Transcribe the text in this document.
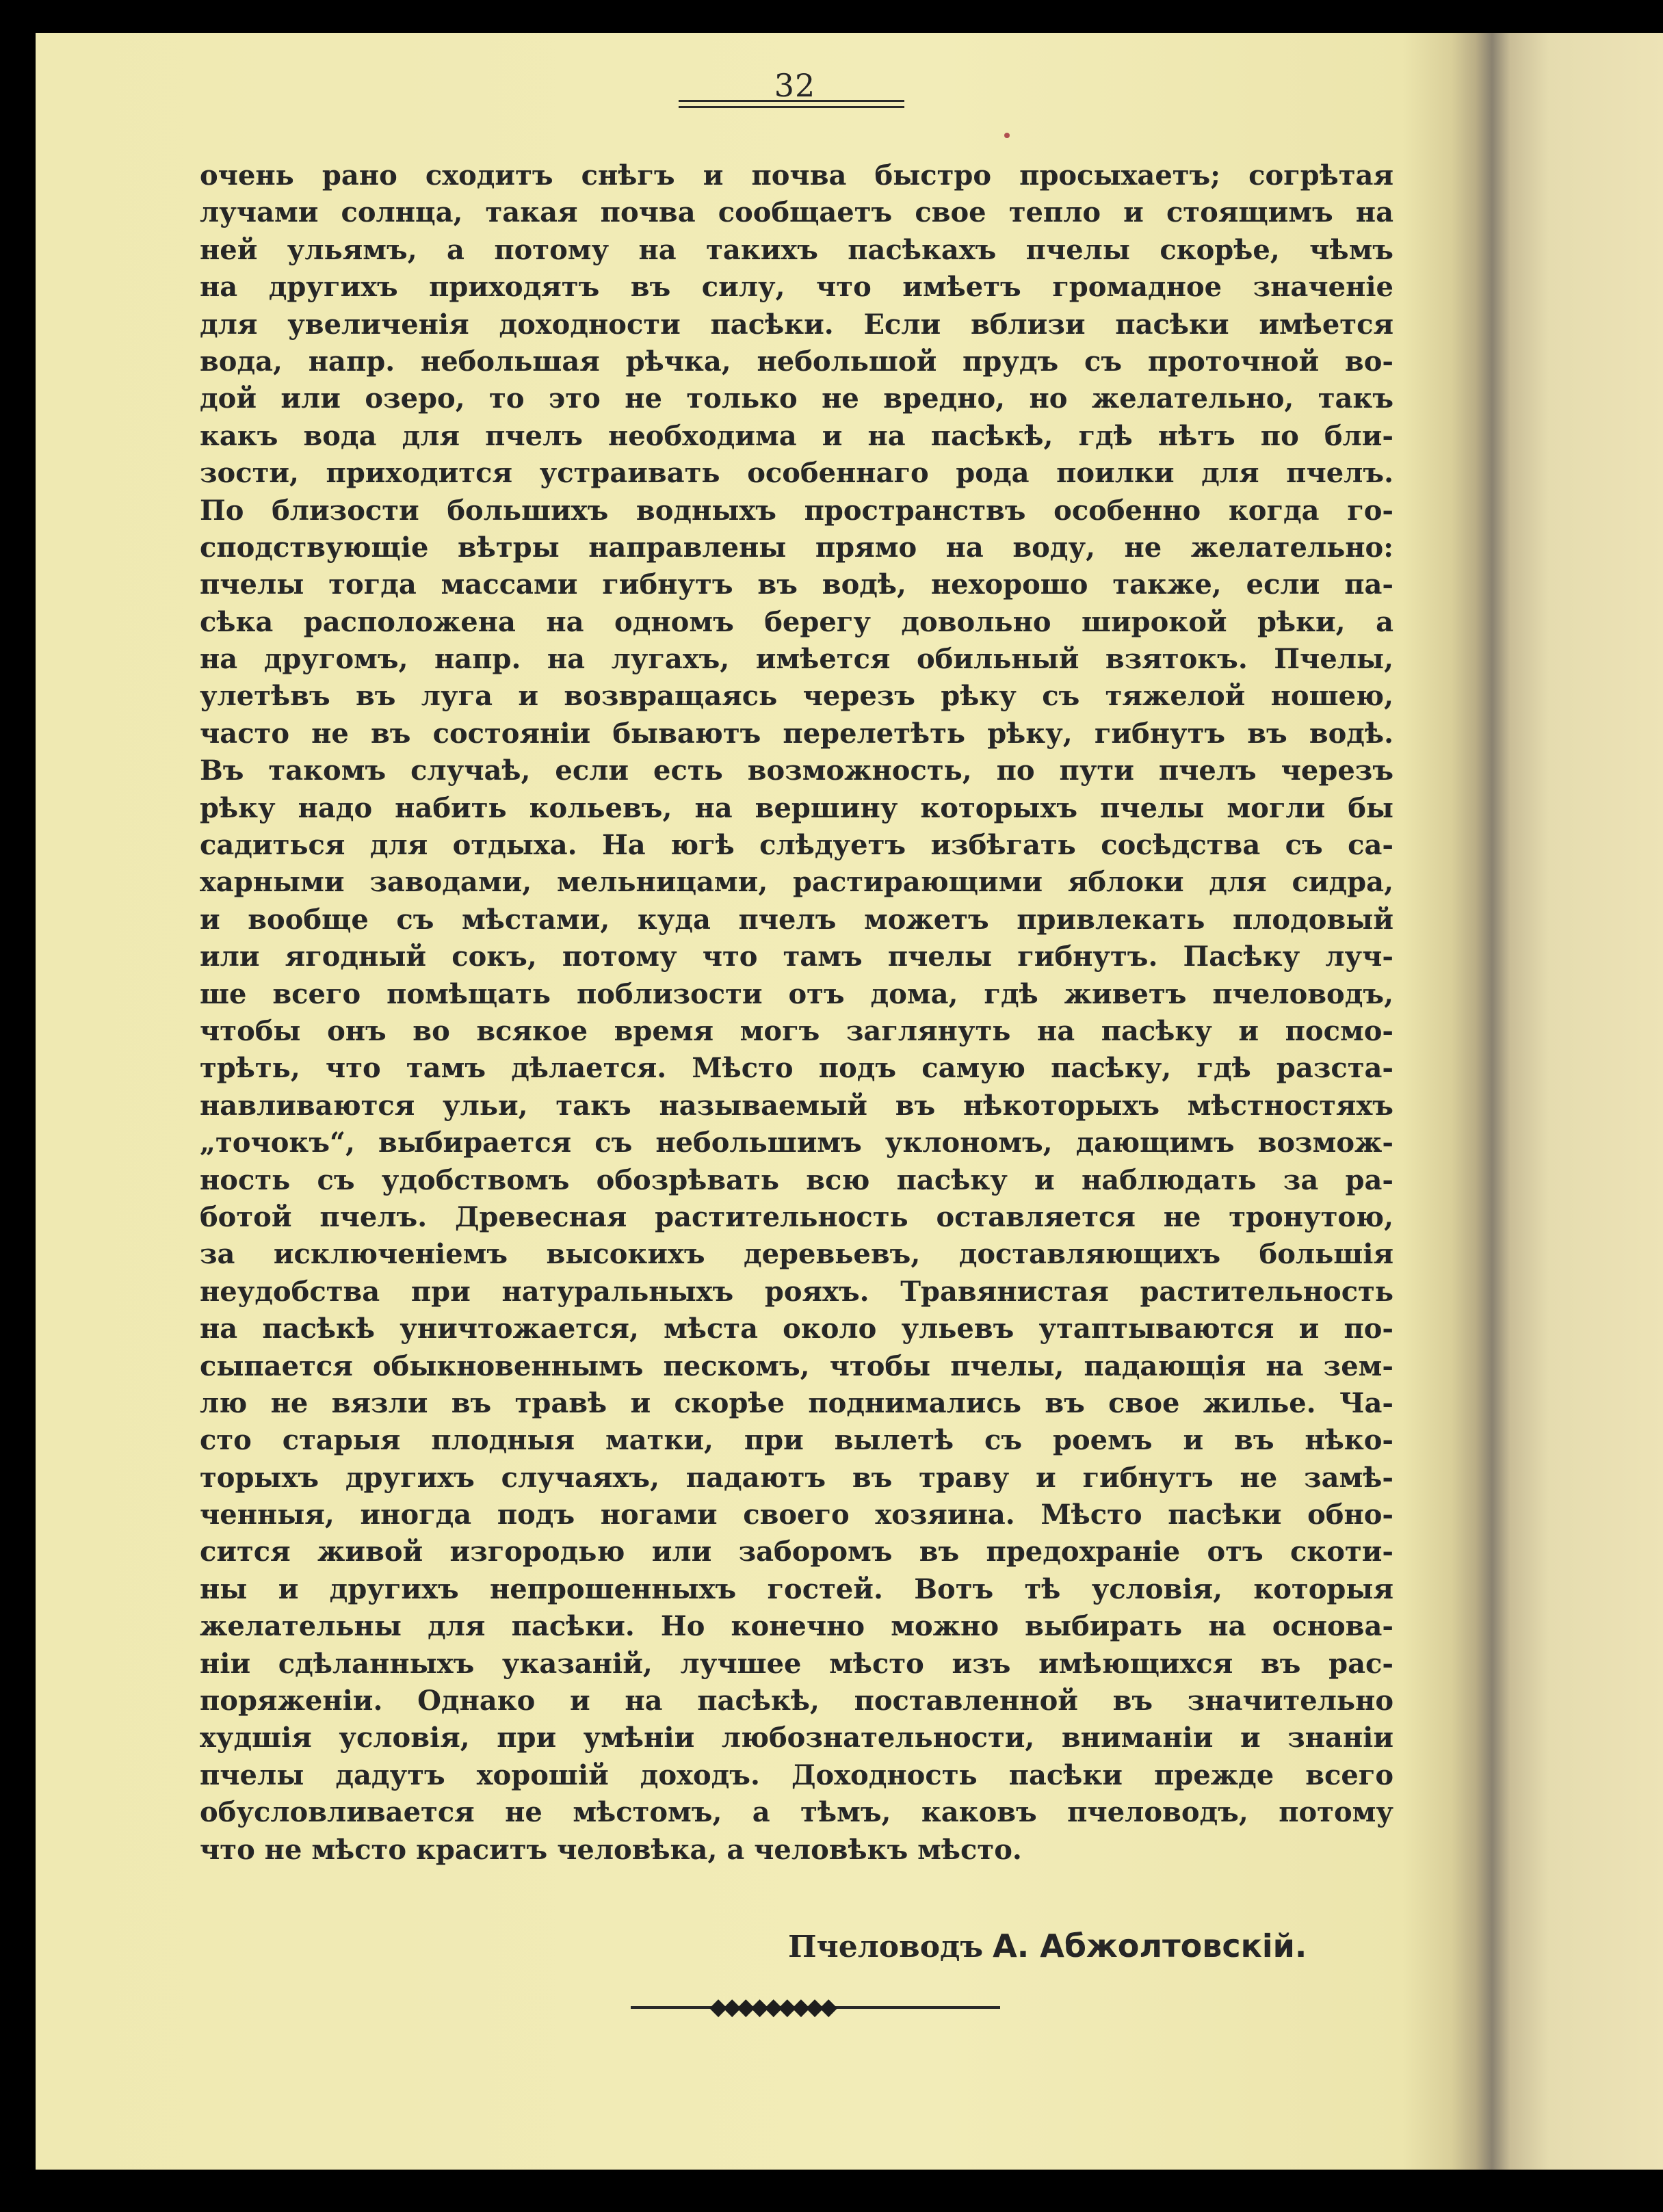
32
очень рано сходитъ снѣгъ и почва быстро просыхаетъ; согрѣтая
лучами солнца, такая почва сообщаетъ свое тепло и стоящимъ на
ней ульямъ, а потому на такихъ пасѣкахъ пчелы скорѣе, чѣмъ
на другихъ приходятъ въ силу, что имѣетъ громадное значеніе
для увеличенія доходности пасѣки. Если вблизи пасѣки имѣется
вода, напр. небольшая рѣчка, небольшой прудъ съ проточной во-
дой или озеро, то это не только не вредно, но желательно, такъ
какъ вода для пчелъ необходима и на пасѣкѣ, гдѣ нѣтъ по бли-
зости, приходится устраивать особеннаго рода поилки для пчелъ.
По близости большихъ водныхъ пространствъ особенно когда го-
сподствующіе вѣтры направлены прямо на воду, не желательно:
пчелы тогда массами гибнутъ въ водѣ, нехорошо также, если па-
сѣка расположена на одномъ берегу довольно широкой рѣки, а
на другомъ, напр. на лугахъ, имѣется обильный взятокъ. Пчелы,
улетѣвъ въ луга и возвращаясь черезъ рѣку съ тяжелой ношею,
часто не въ состояніи бываютъ перелетѣть рѣку, гибнутъ въ водѣ.
Въ такомъ случаѣ, если есть возможность, по пути пчелъ черезъ
рѣку надо набить кольевъ, на вершину которыхъ пчелы могли бы
садиться для отдыха. На югѣ слѣдуетъ избѣгать сосѣдства съ са-
харными заводами, мельницами, растирающими яблоки для сидра,
и вообще съ мѣстами, куда пчелъ можетъ привлекать плодовый
или ягодный сокъ, потому что тамъ пчелы гибнутъ. Пасѣку луч-
ше всего помѣщать поблизости отъ дома, гдѣ живетъ пчеловодъ,
чтобы онъ во всякое время могъ заглянуть на пасѣку и посмо-
трѣть, что тамъ дѣлается. Мѣсто подъ самую пасѣку, гдѣ разста-
навливаются ульи, такъ называемый въ нѣкоторыхъ мѣстностяхъ
„точокъ“, выбирается съ небольшимъ уклономъ, дающимъ возмож-
ность съ удобствомъ обозрѣвать всю пасѣку и наблюдать за ра-
ботой пчелъ. Древесная растительность оставляется не тронутою,
за исключеніемъ высокихъ деревьевъ, доставляющихъ большія
неудобства при натуральныхъ рояхъ. Травянистая растительность
на пасѣкѣ уничтожается, мѣста около ульевъ утаптываются и по-
сыпается обыкновеннымъ пескомъ, чтобы пчелы, падающія на зем-
лю не вязли въ травѣ и скорѣе поднимались въ свое жилье. Ча-
сто старыя плодныя матки, при вылетѣ съ роемъ и въ нѣко-
торыхъ другихъ случаяхъ, падаютъ въ траву и гибнутъ не замѣ-
ченныя, иногда подъ ногами своего хозяина. Мѣсто пасѣки обно-
сится живой изгородью или заборомъ въ предохраніе отъ скоти-
ны и другихъ непрошенныхъ гостей. Вотъ тѣ условія, которыя
желательны для пасѣки. Но конечно можно выбирать на основа-
ніи сдѣланныхъ указаній, лучшее мѣсто изъ имѣющихся въ рас-
поряженіи. Однако и на пасѣкѣ, поставленной въ значительно
худшія условія, при умѣніи любознательности, вниманіи и знаніи
пчелы дадутъ хорошій доходъ. Доходность пасѣки прежде всего
обусловливается не мѣстомъ, а тѣмъ, каковъ пчеловодъ, потому
что не мѣсто краситъ человѣка, а человѣкъ мѣсто.
Пчеловодъ А. Абжолтовскій.
◆◆◆◆◆◆◆◆◆
